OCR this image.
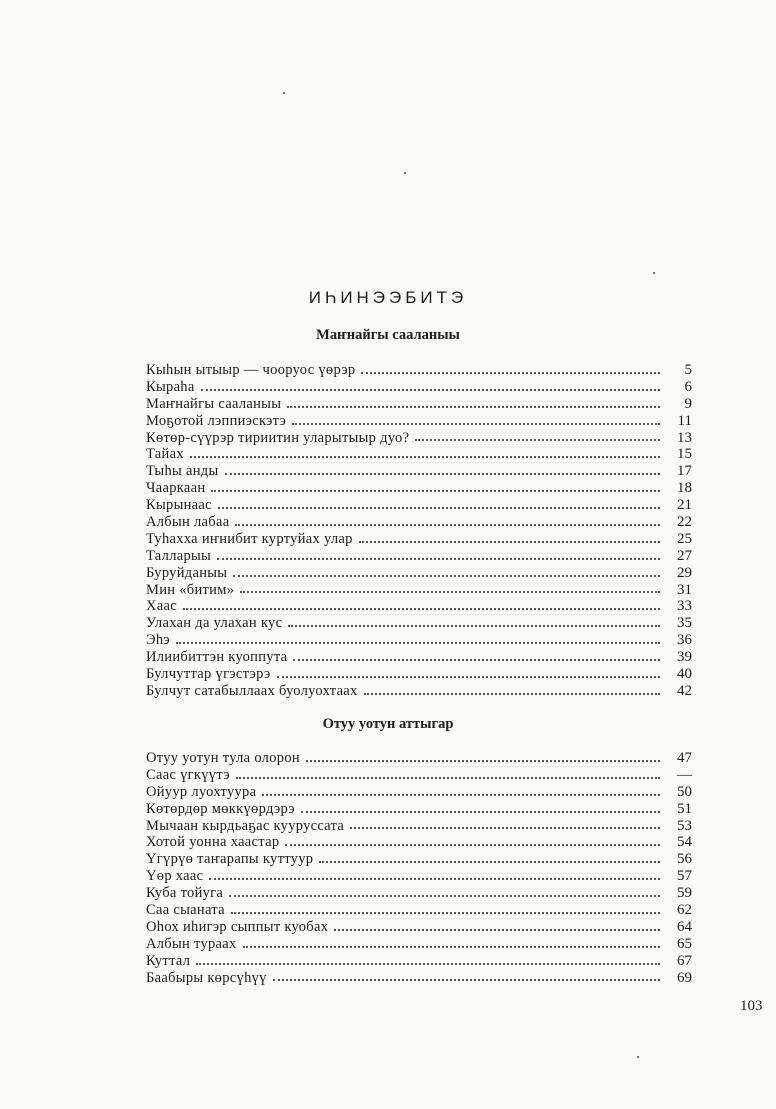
ИҺИНЭЭБИТЭ
Маҥнайгы сааланыы
Кыһын ытыыр — чооруос үөрэр	5
Кыраһа	6
Маҥнайгы сааланыы	9
Моҕотой лэппиэскэтэ	11
Көтөр-сүүрэр тириитин уларытыыр дуо?	13
Тайах	15
Тыһы анды	17
Чааркаан	18
Кырынаас	21
Албын лабаа	22
Туһахха иҥнибит куртуйах улар	25
Талларыы	27
Буруйданыы	29
Мин «битим»	31
Хаас	33
Улахан да улахан кус	35
Эһэ	36
Илиибиттэн куоппута	39
Булчуттар үгэстэрэ	40
Булчут сатабыллаах буолуохтаах	42
Отуу уотун аттыгар
Отуу уотун тула олорон	47
Саас үгкүүтэ	—
Ойуур луохтуура	50
Көтөрдөр мөккүөрдэрэ	51
Мычаан кырдьаҕас куурусcата	53
Хотой уонна хаастар	54
Үгүрүө таҥарапы куттуур	56
Үөр хаас	57
Куба тойуга	59
Саа сыаната	62
Оһох иһигэр сыппыт куобах	64
Албын тураах	65
Куттал	67
Баабыры көрсүһүү	69
103
